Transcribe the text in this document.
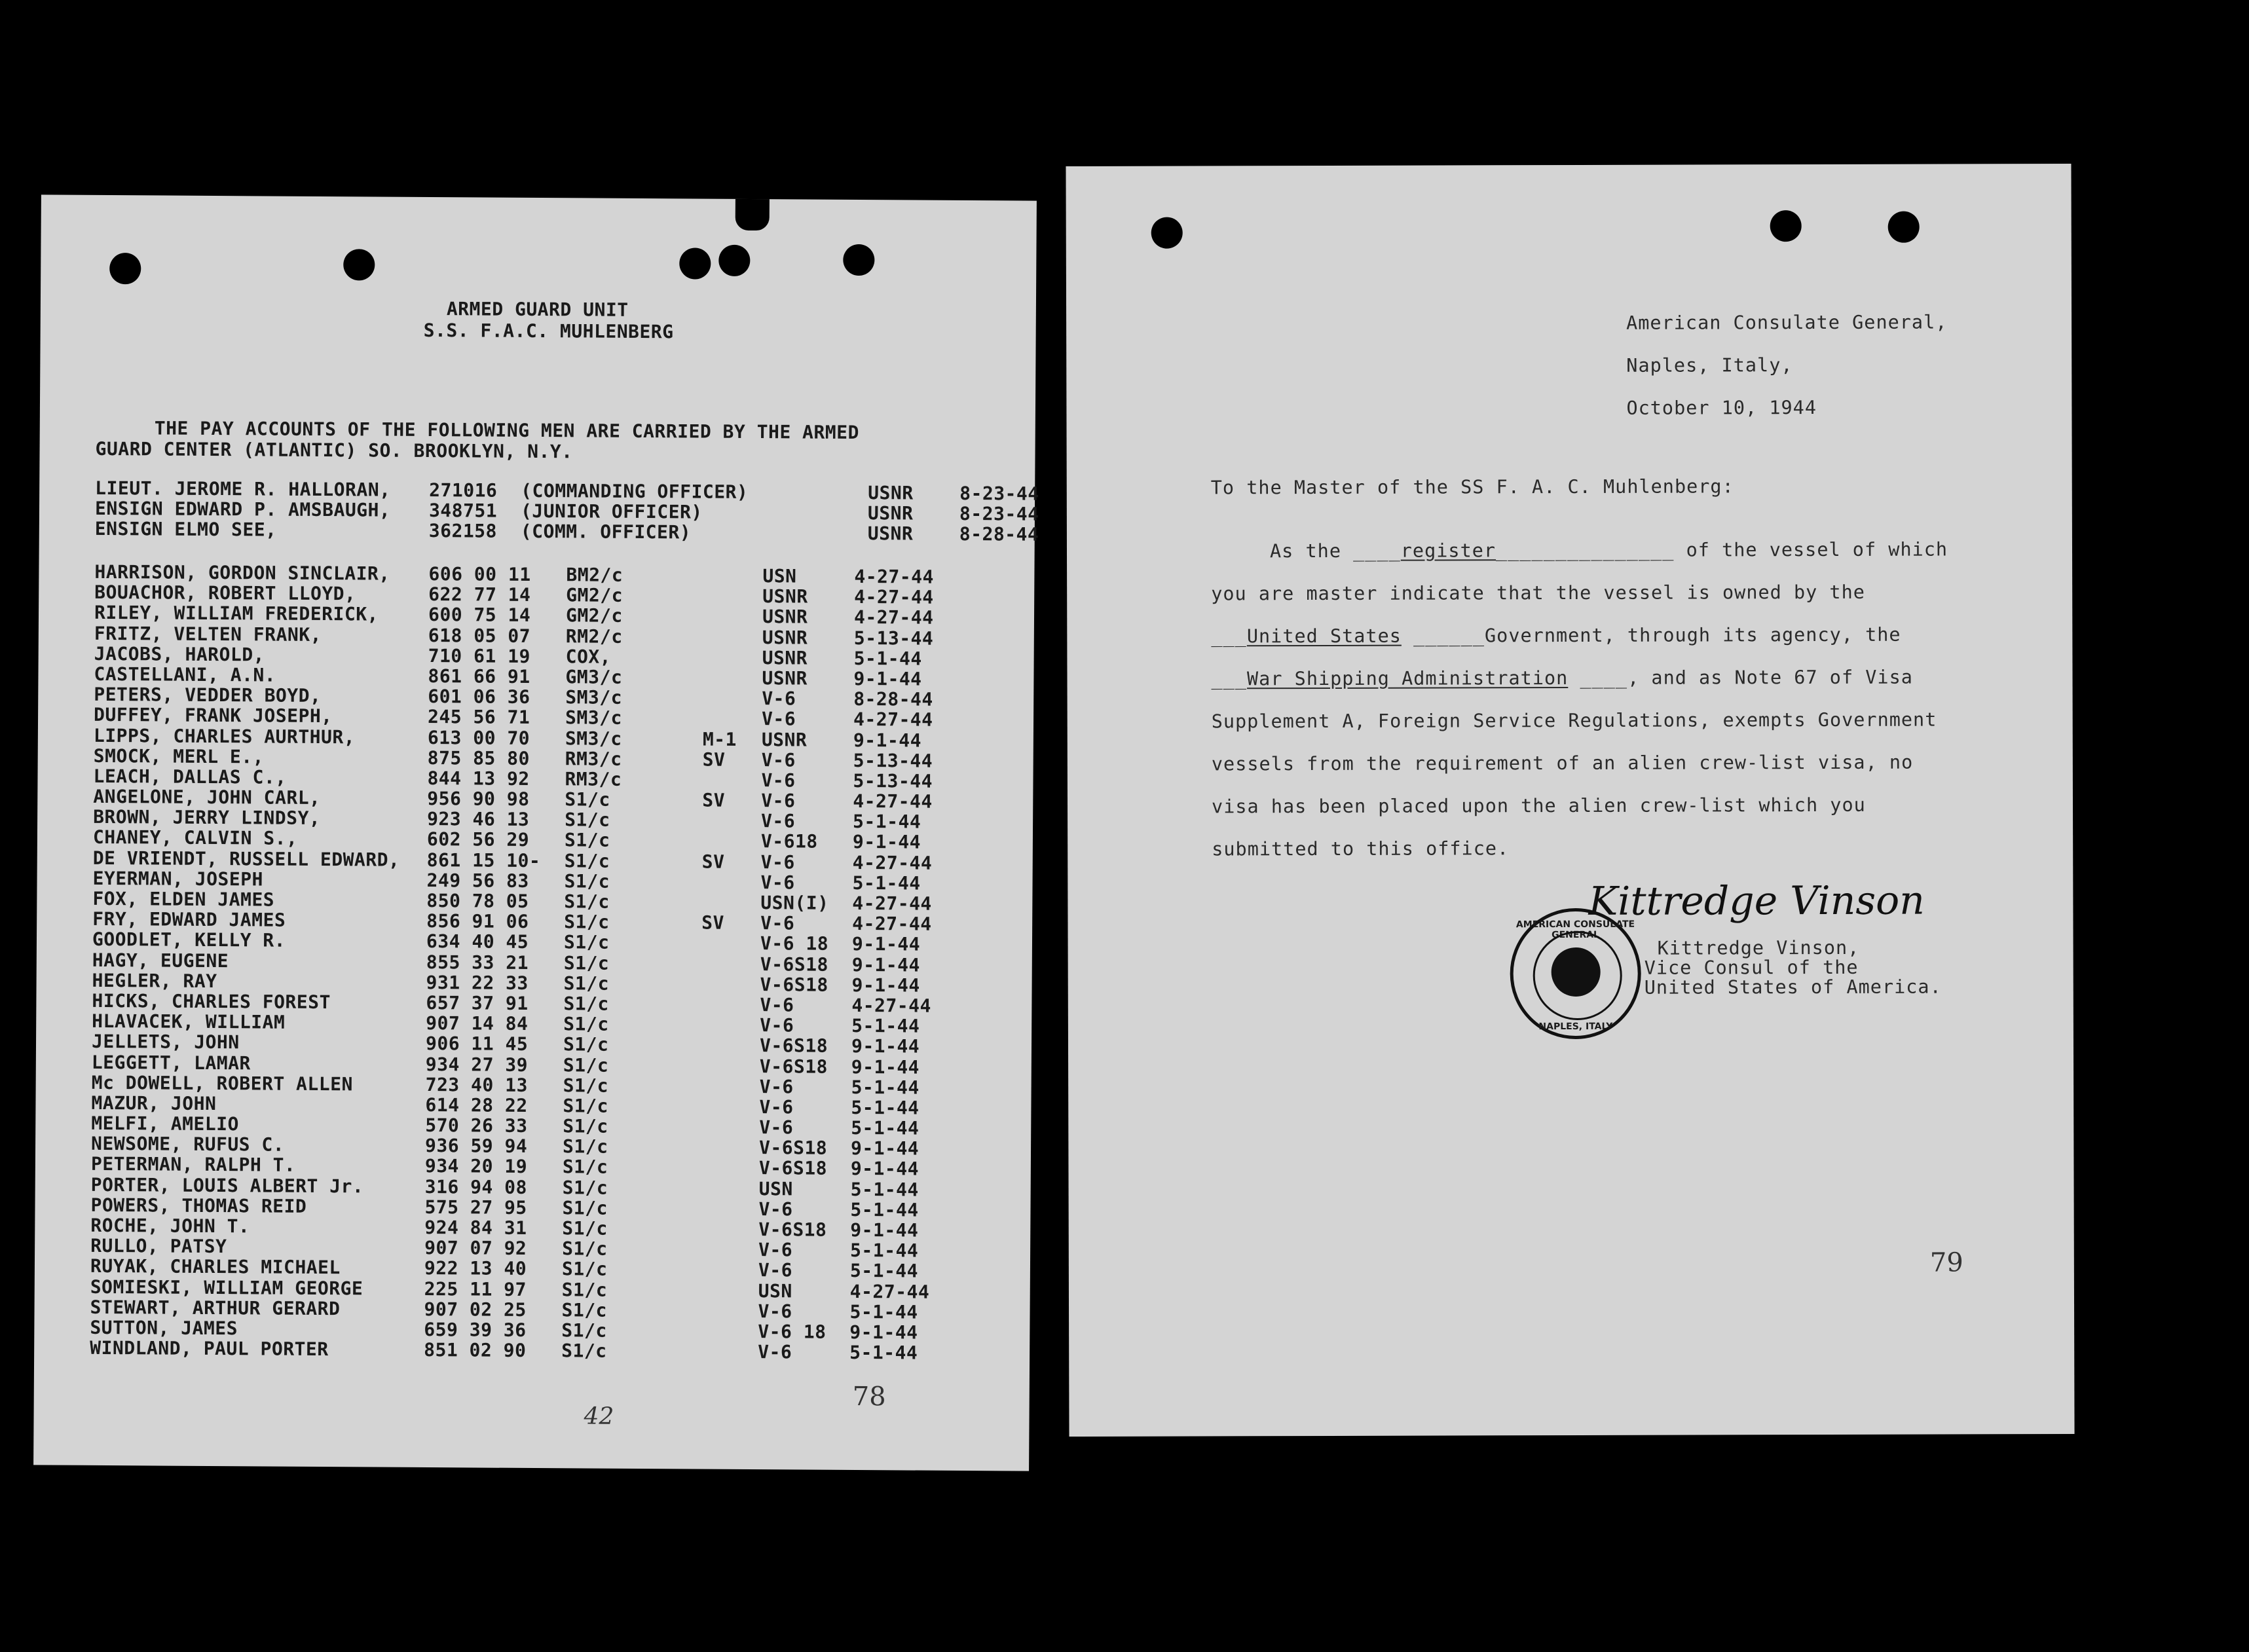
ARMED GUARD UNIT
S.S. F.A.C. MUHLENBERG
THE PAY ACCOUNTS OF THE FOLLOWING MEN ARE CARRIED BY THE ARMED
GUARD CENTER (ATLANTIC) SO. BROOKLYN, N.Y.
LIEUT. JEROME R. HALLORAN,	271016	(COMMANDING OFFICER)	USNR	8-23-44
ENSIGN EDWARD P. AMSBAUGH,	348751	(JUNIOR OFFICER)	USNR	8-23-44
ENSIGN ELMO SEE,	362158	(COMM. OFFICER)	USNR	8-28-44
HARRISON, GORDON SINCLAIR,	606 00 11	BM2/c	USN	4-27-44
BOUACHOR, ROBERT LLOYD,	622 77 14	GM2/c	USNR	4-27-44
RILEY, WILLIAM FREDERICK,	600 75 14	GM2/c	USNR	4-27-44
FRITZ, VELTEN FRANK,	618 05 07	RM2/c	USNR	5-13-44
JACOBS, HAROLD,	710 61 19	COX,	USNR	5-1-44
CASTELLANI, A.N.	861 66 91	GM3/c	USNR	9-1-44
PETERS, VEDDER BOYD,	601 06 36	SM3/c	V-6	8-28-44
DUFFEY, FRANK JOSEPH,	245 56 71	SM3/c	V-6	4-27-44
LIPPS, CHARLES AURTHUR,	613 00 70	SM3/c	M-1	USNR	9-1-44
SMOCK, MERL E.,	875 85 80	RM3/c	SV	V-6	5-13-44
LEACH, DALLAS C.,	844 13 92	RM3/c	V-6	5-13-44
ANGELONE, JOHN CARL,	956 90 98	S1/c	SV	V-6	4-27-44
BROWN, JERRY LINDSY,	923 46 13	S1/c	V-6	5-1-44
CHANEY, CALVIN S.,	602 56 29	S1/c	V-618	9-1-44
DE VRIENDT, RUSSELL EDWARD,	861 15 10-	S1/c	SV	V-6	4-27-44
EYERMAN, JOSEPH	249 56 83	S1/c	V-6	5-1-44
FOX, ELDEN JAMES	850 78 05	S1/c	USN(I)	4-27-44
FRY, EDWARD JAMES	856 91 06	S1/c	SV	V-6	4-27-44
GOODLET, KELLY R.	634 40 45	S1/c	V-6 18	9-1-44
HAGY, EUGENE	855 33 21	S1/c	V-6S18	9-1-44
HEGLER, RAY	931 22 33	S1/c	V-6S18	9-1-44
HICKS, CHARLES FOREST	657 37 91	S1/c	V-6	4-27-44
HLAVACEK, WILLIAM	907 14 84	S1/c	V-6	5-1-44
JELLETS, JOHN	906 11 45	S1/c	V-6S18	9-1-44
LEGGETT, LAMAR	934 27 39	S1/c	V-6S18	9-1-44
Mc DOWELL, ROBERT ALLEN	723 40 13	S1/c	V-6	5-1-44
MAZUR, JOHN	614 28 22	S1/c	V-6	5-1-44
MELFI, AMELIO	570 26 33	S1/c	V-6	5-1-44
NEWSOME, RUFUS C.	936 59 94	S1/c	V-6S18	9-1-44
PETERMAN, RALPH T.	934 20 19	S1/c	V-6S18	9-1-44
PORTER, LOUIS ALBERT Jr.	316 94 08	S1/c	USN	5-1-44
POWERS, THOMAS REID	575 27 95	S1/c	V-6	5-1-44
ROCHE, JOHN T.	924 84 31	S1/c	V-6S18	9-1-44
RULLO, PATSY	907 07 92	S1/c	V-6	5-1-44
RUYAK, CHARLES MICHAEL	922 13 40	S1/c	V-6	5-1-44
SOMIESKI, WILLIAM GEORGE	225 11 97	S1/c	USN	4-27-44
STEWART, ARTHUR GERARD	907 02 25	S1/c	V-6	5-1-44
SUTTON, JAMES	659 39 36	S1/c	V-6 18	9-1-44
WINDLAND, PAUL PORTER	851 02 90	S1/c	V-6	5-1-44
78
42
American Consulate General,
Naples, Italy,
October 10, 1944
To the Master of the SS F. A. C. Muhlenberg:
As the ____register_______________ of the vessel of which
you are master indicate that the vessel is owned by the
___United States ______Government, through its agency, the
___War Shipping Administration ____, and as Note 67 of Visa
Supplement A, Foreign Service Regulations, exempts Government
vessels from the requirement of an alien crew-list visa, no
visa has been placed upon the alien crew-list which you
submitted to this office.
Kittredge Vinson
AMERICAN CONSULATE GENERAL
NAPLES, ITALY
Kittredge Vinson,
Vice Consul of the
United States of America.
79
